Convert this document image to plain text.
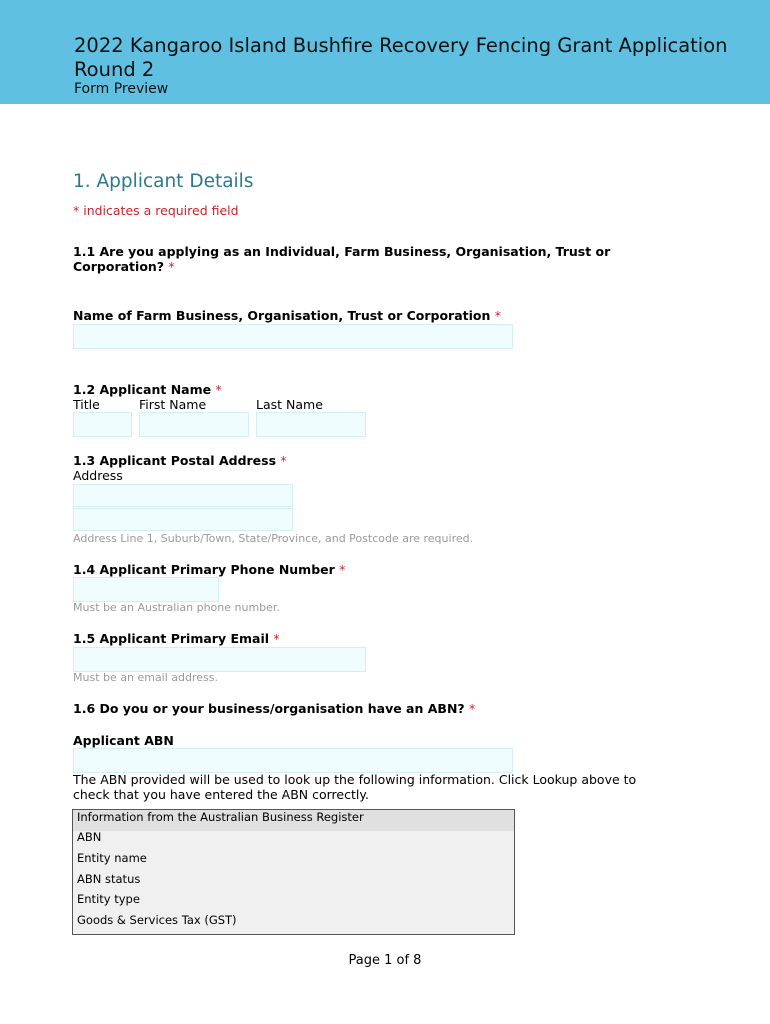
2022 Kangaroo Island Bushfire Recovery Fencing Grant Application
Round 2
Form Preview
1. Applicant Details
* indicates a required field
1.1 Are you applying as an Individual, Farm Business, Organisation, Trust or Corporation? *
Name of Farm Business, Organisation, Trust or Corporation *
1.2 Applicant Name *
Title	First Name	Last Name
1.3 Applicant Postal Address *
Address
Address Line 1, Suburb/Town, State/Province, and Postcode are required.
1.4 Applicant Primary Phone Number *
Must be an Australian phone number.
1.5 Applicant Primary Email *
Must be an email address.
1.6 Do you or your business/organisation have an ABN? *
Applicant ABN
The ABN provided will be used to look up the following information. Click Lookup above to check that you have entered the ABN correctly.
Information from the Australian Business Register
ABN
Entity name
ABN status
Entity type
Goods & Services Tax (GST)
Page 1 of 8
